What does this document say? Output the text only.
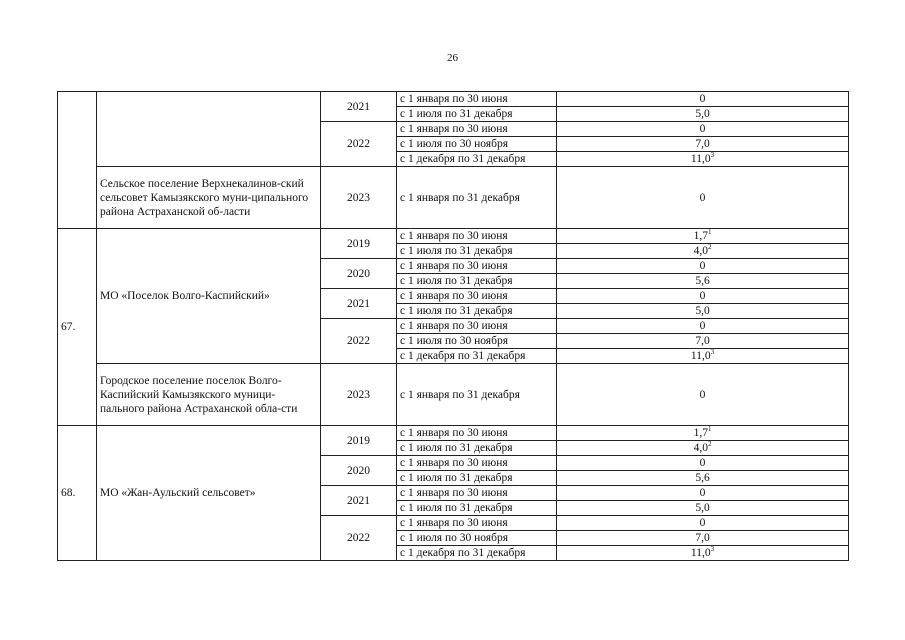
26
		2021	с 1 января по 30 июня	0
			с 1 июля по 31 декабря	5,0
		2022	с 1 января по 30 июня	0
			с 1 июля по 30 ноября	7,0
			с 1 декабря по 31 декабря	11,0$^3$
	Сельское поселение Верхнекалинов-ский сельсовет Камызякского муни-ципального района Астраханской об-ласти	2023	с 1 января по 31 декабря	0
67.	МО «Поселок Волго-Каспийский»	2019	с 1 января по 30 июня	$1,7^1$
			с 1 июля по 31 декабря	$4,0^2$
		2020	с 1 января по 30 июня	0
			с 1 июля по 31 декабря	5,6
		2021	с 1 января по 30 июня	0
			с 1 июля по 31 декабря	5,0
		2022	с 1 января по 30 июня	0
			с 1 июля по 30 ноября	7,0
			с 1 декабря по 31 декабря	11,0$^3$
	Городское поселение поселок Волго-Каспийский Камызякского муници-пального района Астраханской обла-сти	2023	с 1 января по 31 декабря	0
68.	МО «Жан-Аульский сельсовет»	2019	с 1 января по 30 июня	$1,7^1$
			с 1 июля по 31 декабря	$4,0^2$
		2020	с 1 января по 30 июня	0
			с 1 июля по 31 декабря	5,6
		2021	с 1 января по 30 июня	0
			с 1 июля по 31 декабря	5,0
		2022	с 1 января по 30 июня	0
			с 1 июля по 30 ноября	7,0
			с 1 декабря по 31 декабря	11,0$^3$
